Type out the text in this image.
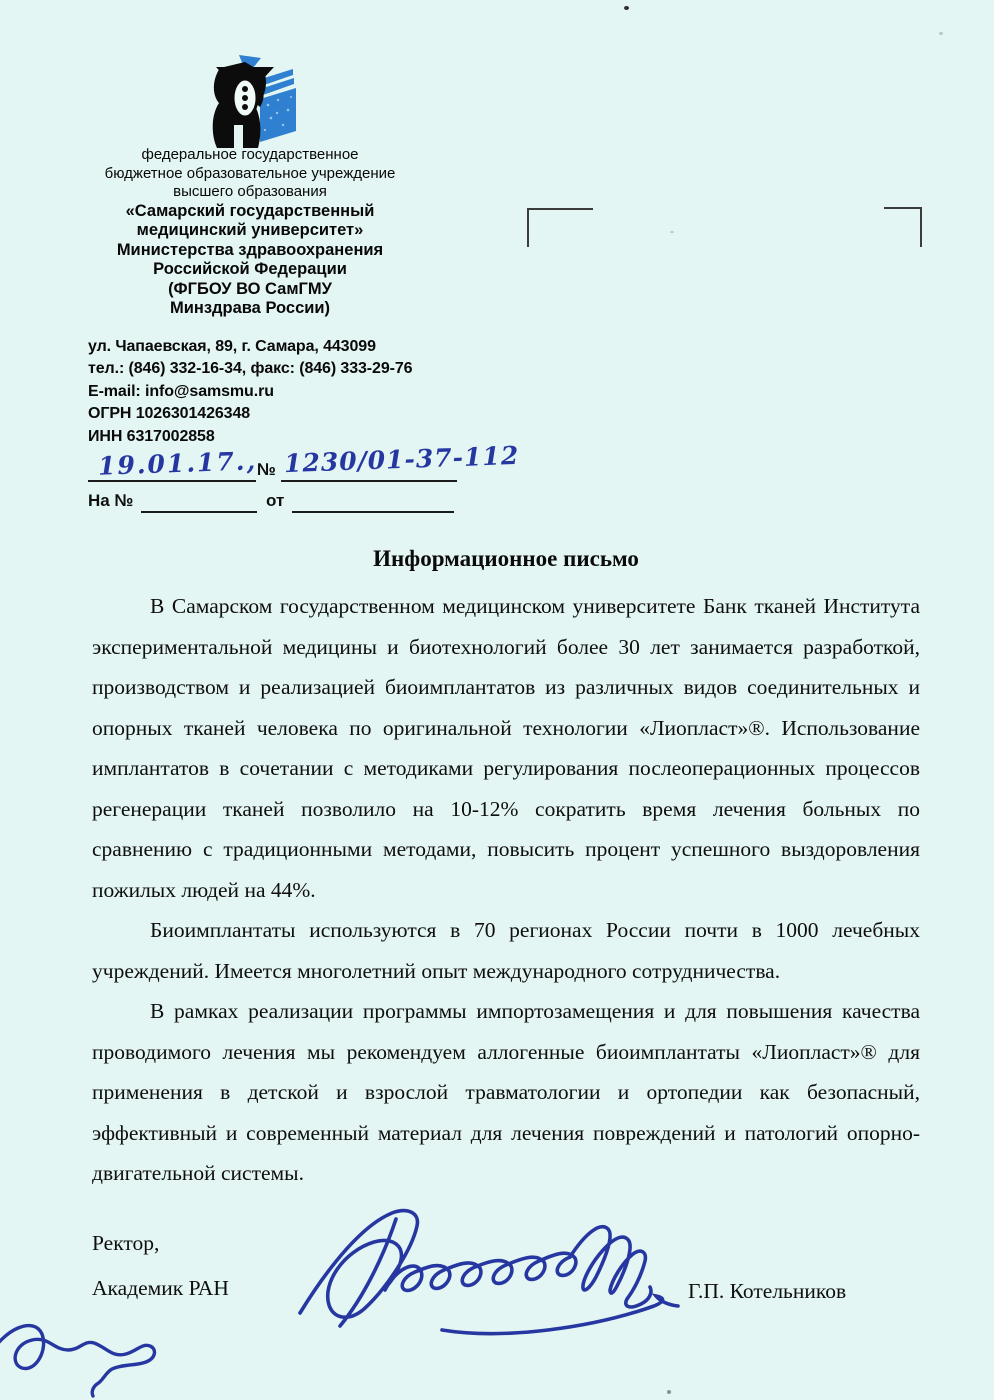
федеральное государственное
бюджетное образовательное учреждение
высшего образования
«Самарский государственный
медицинский университет»
Министерства здравоохранения
Российской Федерации
(ФГБОУ ВО СамГМУ
Минздрава России)
ул. Чапаевская, 89, г. Самара, 443099
тел.: (846) 332-16-34, факс: (846) 333-29-76
E-mail: info@samsmu.ru
ОГРН 1026301426348
ИНН 6317002858
19.01.17., № 1230/01-37-112
На №	от
Информационное письмо

В Самарском государственном медицинском университете Банк тканей Института экспериментальной медицины и биотехнологий более 30 лет занимается разработкой, производством и реализацией биоимплантатов из различных видов соединительных и опорных тканей человека по оригинальной технологии «Лиопласт»®. Использование имплантатов в сочетании с методиками регулирования послеоперационных процессов регенерации тканей позволило на 10-12% сократить время лечения больных по сравнению с традиционными методами, повысить процент успешного выздоровления пожилых людей на 44%.

Биоимплантаты используются в 70 регионах России почти в 1000 лечебных учреждений. Имеется многолетний опыт международного сотрудничества.

В рамках реализации программы импортозамещения и для повышения качества проводимого лечения мы рекомендуем аллогенные биоимплантаты «Лиопласт»® для применения в детской и взрослой травматологии и ортопедии как безопасный, эффективный и современный материал для лечения повреждений и патологий опорно-двигательной системы.

Ректор,
Академик РАН	Г.П. Котельников
